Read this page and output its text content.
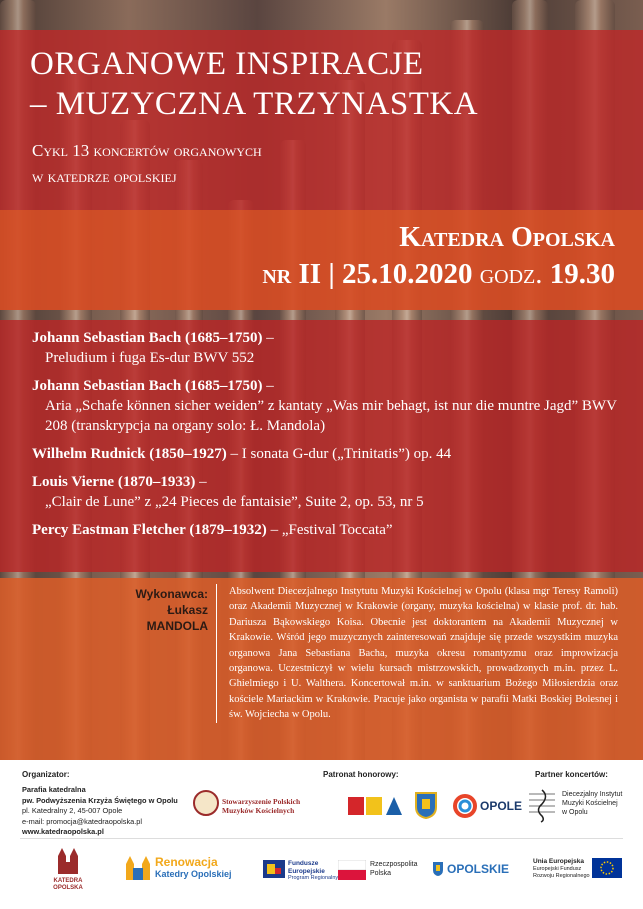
ORGANOWE INSPIRACJE
– MUZYCZNA TRZYNASTKA
Cykl 13 koncertów organowych
w katedrze opolskiej
Katedra Opolska
nr II | 25.10.2020 godz. 19.30
Johann Sebastian Bach (1685–1750) –
Preludium i fuga Es-dur BWV 552
Johann Sebastian Bach (1685–1750) –
Aria „Schafe können sicher weiden” z kantaty „Was mir behagt, ist nur die muntre Jagd” BWV 208 (transkrypcja na organy solo: Ł. Mandola)
Wilhelm Rudnick (1850–1927) – I sonata G-dur („Trinitatis”) op. 44
Louis Vierne (1870–1933) –
„Clair de Lune” z „24 Pieces de fantaisie”, Suite 2, op. 53, nr 5
Percy Eastman Fletcher (1879–1932) – „Festival Toccata”
Wykonawca:
Łukasz
MANDOLA
Absolwent Diecezjalnego Instytutu Muzyki Kościelnej w Opolu (klasa mgr Teresy Ramoli) oraz Akademii Muzycznej w Krakowie (organy, muzyka kościelna) w klasie prof. dr. hab. Dariusza Bąkowskiego Koisa. Obecnie jest doktorantem na Akademii Muzycznej w Krakowie. Wśród jego muzycznych zainteresowań znajduje się przede wszystkim muzyka organowa Jana Sebastiana Bacha, muzyka okresu romantyzmu oraz improwizacja organowa. Uczestniczył w wielu kursach mistrzowskich, prowadzonych m.in. przez L. Ghielmiego i U. Walthera. Koncertował m.in. w sanktuarium Bożego Miłosierdzia oraz kościele Mariackim w Krakowie. Pracuje jako organista w parafii Matki Boskiej Bolesnej i św. Wojciecha w Opolu.
Organizator:
Parafia katedralna
pw. Podwyższenia Krzyża Świętego w Opolu
pl. Katedralny 2, 45-007 Opole
e-mail: promocja@katedraopolska.pl
www.katedraopolska.pl
Patronat honorowy:	Partner koncertów:
Stowarzyszenie Polskich
Muzyków Kościelnych	OPOLE
Diecezjalny Instytut
Muzyki Kościelnej
w Opolu
KATEDRA OPOLSKA
Renowacja
Katedry Opolskiej
Fundusze
Europejskie
Program Regionalny
Rzeczpospolita
Polska	OPOLSKIE
Unia Europejska
Europejski Fundusz
Rozwoju Regionalnego
